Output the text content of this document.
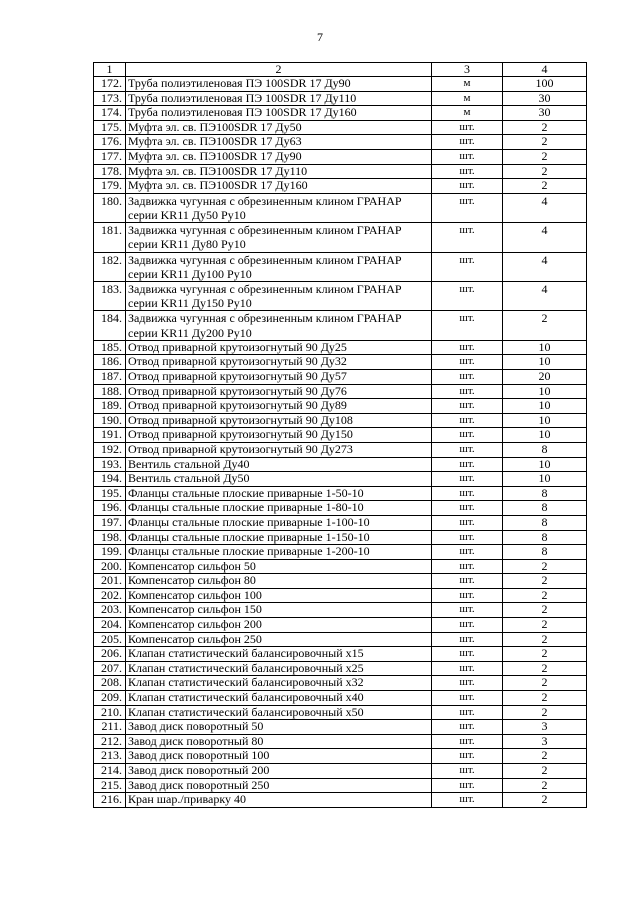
7
1	2	3	4
172.	Труба полиэтиленовая ПЭ 100SDR 17 Ду90	м	100
173.	Труба полиэтиленовая ПЭ 100SDR 17 Ду110	м	30
174.	Труба полиэтиленовая ПЭ 100SDR 17 Ду160	м	30
175.	Муфта эл. св. ПЭ100SDR 17 Ду50	шт.	2
176.	Муфта эл. св. ПЭ100SDR 17 Ду63	шт.	2
177.	Муфта эл. св. ПЭ100SDR 17 Ду90	шт.	2
178.	Муфта эл. св. ПЭ100SDR 17 Ду110	шт.	2
179.	Муфта эл. св. ПЭ100SDR 17 Ду160	шт.	2
180.	Задвижка чугунная с обрезиненным клином ГРАНАР
серии KR11 Ду50 Ру10	шт.	4
181.	Задвижка чугунная с обрезиненным клином ГРАНАР
серии KR11 Ду80 Ру10	шт.	4
182.	Задвижка чугунная с обрезиненным клином ГРАНАР
серии KR11 Ду100 Ру10	шт.	4
183.	Задвижка чугунная с обрезиненным клином ГРАНАР
серии KR11 Ду150 Ру10	шт.	4
184.	Задвижка чугунная с обрезиненным клином ГРАНАР
серии KR11 Ду200 Ру10	шт.	2
185.	Отвод приварной крутоизогнутый 90 Ду25	шт.	10
186.	Отвод приварной крутоизогнутый 90 Ду32	шт.	10
187.	Отвод приварной крутоизогнутый 90 Ду57	шт.	20
188.	Отвод приварной крутоизогнутый 90 Ду76	шт.	10
189.	Отвод приварной крутоизогнутый 90 Ду89	шт.	10
190.	Отвод приварной крутоизогнутый 90 Ду108	шт.	10
191.	Отвод приварной крутоизогнутый 90 Ду150	шт.	10
192.	Отвод приварной крутоизогнутый 90 Ду273	шт.	8
193.	Вентиль стальной Ду40	шт.	10
194.	Вентиль стальной Ду50	шт.	10
195.	Фланцы стальные плоские приварные 1-50-10	шт.	8
196.	Фланцы стальные плоские приварные 1-80-10	шт.	8
197.	Фланцы стальные плоские приварные 1-100-10	шт.	8
198.	Фланцы стальные плоские приварные 1-150-10	шт.	8
199.	Фланцы стальные плоские приварные 1-200-10	шт.	8
200.	Компенсатор сильфон 50	шт.	2
201.	Компенсатор сильфон 80	шт.	2
202.	Компенсатор сильфон 100	шт.	2
203.	Компенсатор сильфон 150	шт.	2
204.	Компенсатор сильфон 200	шт.	2
205.	Компенсатор сильфон 250	шт.	2
206.	Клапан статистический балансировочный х15	шт.	2
207.	Клапан статистический балансировочный х25	шт.	2
208.	Клапан статистический балансировочный х32	шт.	2
209.	Клапан статистический балансировочный х40	шт.	2
210.	Клапан статистический балансировочный х50	шт.	2
211.	Завод диск поворотный 50	шт.	3
212.	Завод диск поворотный 80	шт.	3
213.	Завод диск поворотный 100	шт.	2
214.	Завод диск поворотный 200	шт.	2
215.	Завод диск поворотный 250	шт.	2
216.	Кран шар./приварку 40	шт.	2
